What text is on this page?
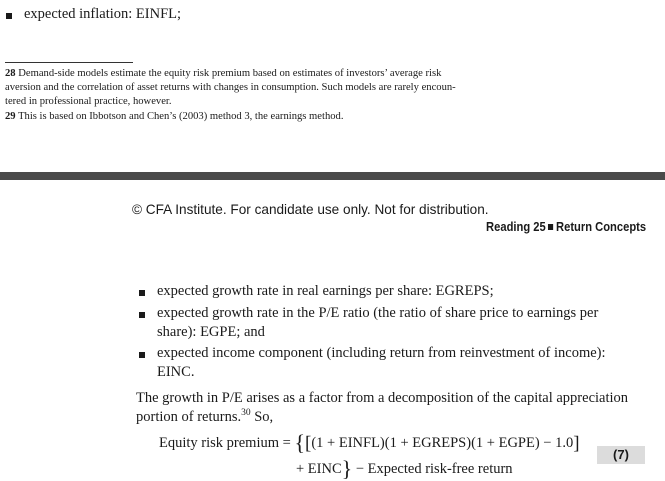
expected inflation: EINFL;
28 Demand-side models estimate the equity risk premium based on estimates of investors’ average risk
aversion and the correlation of asset returns with changes in consumption. Such models are rarely encoun-
tered in professional practice, however.
29 This is based on Ibbotson and Chen’s (2003) method 3, the earnings method.
© CFA Institute. For candidate use only. Not for distribution.
Reading 25 Return Concepts
expected growth rate in real earnings per share: EGREPS;
expected growth rate in the P/E ratio (the ratio of share price to earnings per
share): EGPE; and
expected income component (including return from reinvestment of income):
EINC.
The growth in P/E arises as a factor from a decomposition of the capital appreciation
portion of returns.$^{30}$ So,
Equity risk premium = {[(1 + EINFL)(1 + EGREPS)(1 + EGPE) − 1.0]
+ EINC} − Expected risk-free return
(7)
